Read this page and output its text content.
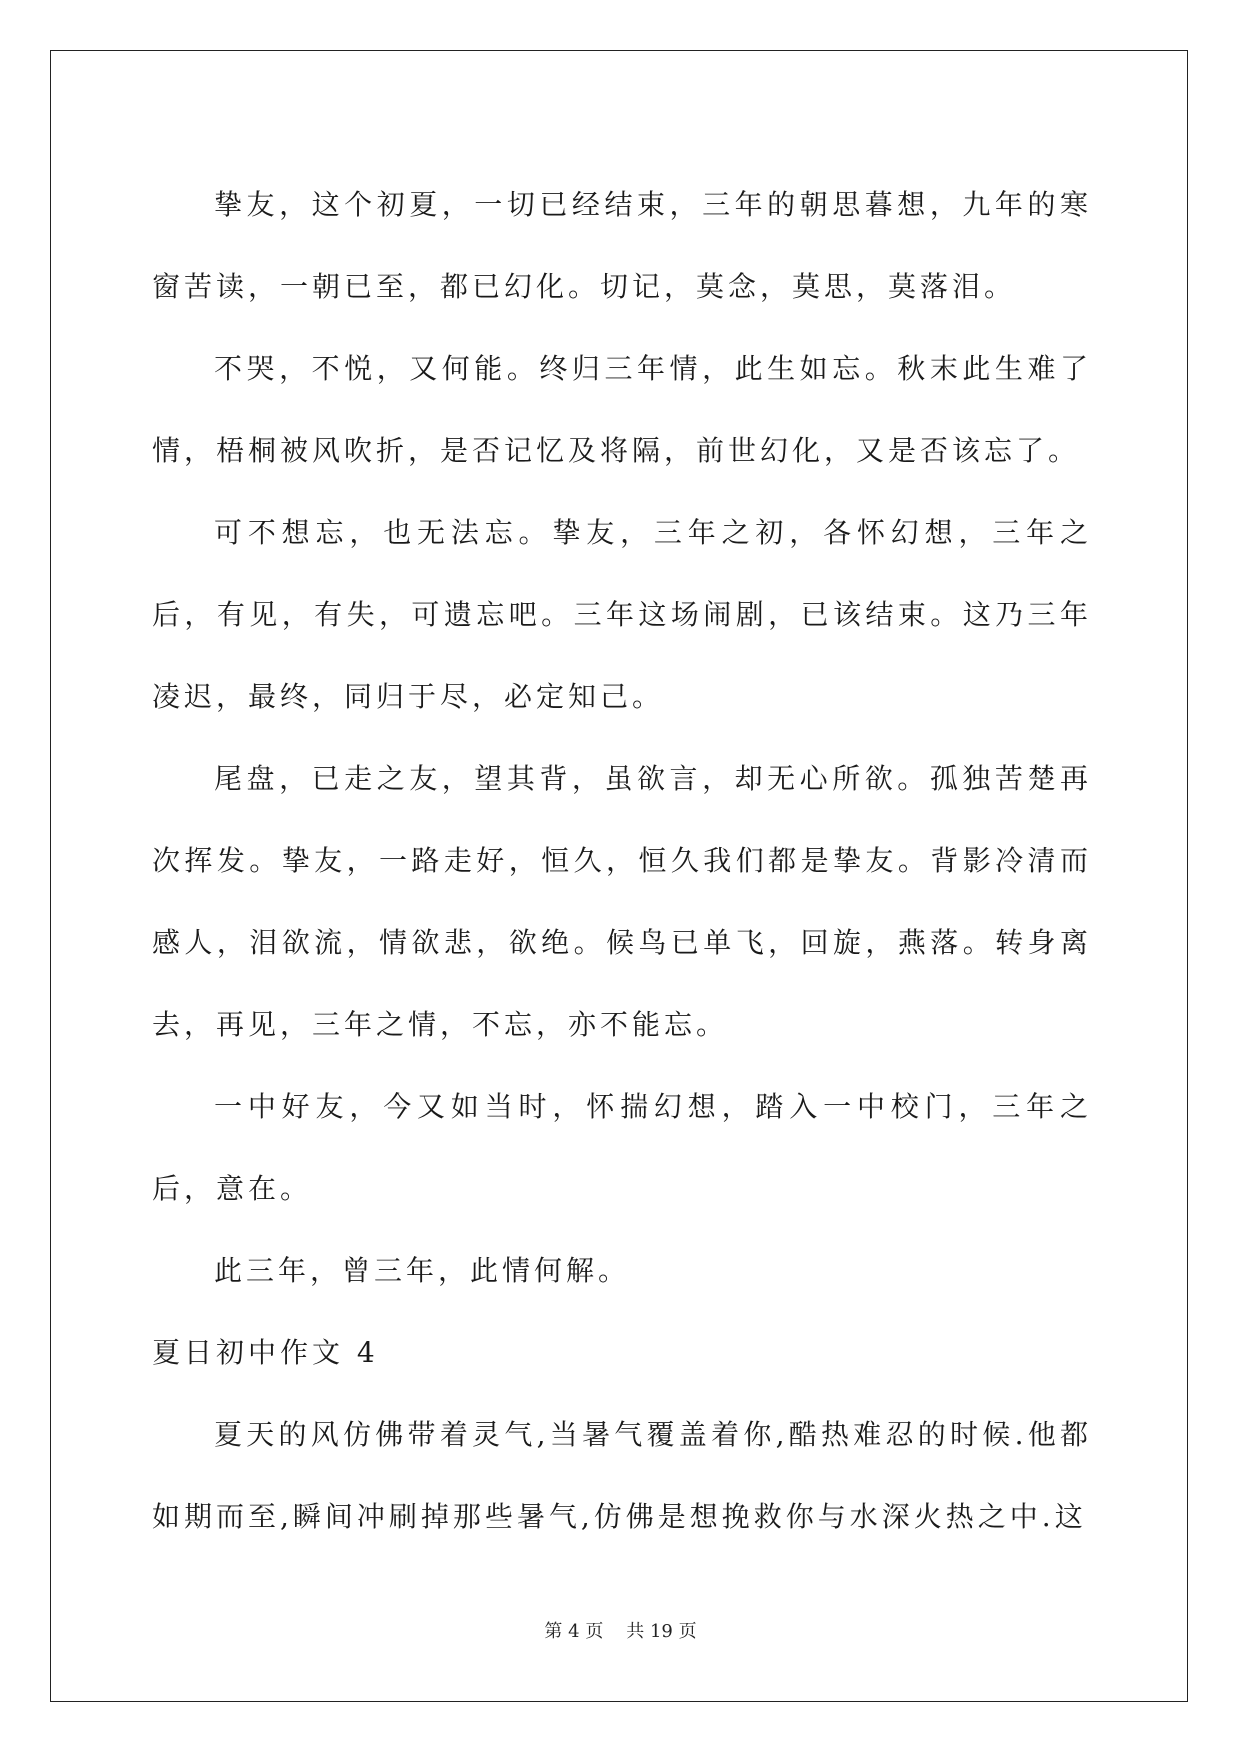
挚友，这个初夏，一切已经结束，三年的朝思暮想，九年的寒窗苦读，一朝已至，都已幻化。切记，莫念，莫思，莫落泪。

不哭，不悦，又何能。终归三年情，此生如忘。秋末此生难了情，梧桐被风吹折，是否记忆及将隔，前世幻化，又是否该忘了。

可不想忘，也无法忘。挚友，三年之初，各怀幻想，三年之后，有见，有失，可遗忘吧。三年这场闹剧，已该结束。这乃三年凌迟，最终，同归于尽，必定知己。

尾盘，已走之友，望其背，虽欲言，却无心所欲。孤独苦楚再次挥发。挚友，一路走好，恒久，恒久我们都是挚友。背影冷清而感人，泪欲流，情欲悲，欲绝。候鸟已单飞，回旋，燕落。转身离去，再见，三年之情，不忘，亦不能忘。

一中好友，今又如当时，怀揣幻想，踏入一中校门，三年之后，意在。

此三年，曾三年，此情何解。

夏日初中作文 4

夏天的风仿佛带着灵气,当暑气覆盖着你,酷热难忍的时候.他都如期而至,瞬间冲刷掉那些暑气,仿佛是想挽救你与水深火热之中.这

第 4 页 共 19 页
